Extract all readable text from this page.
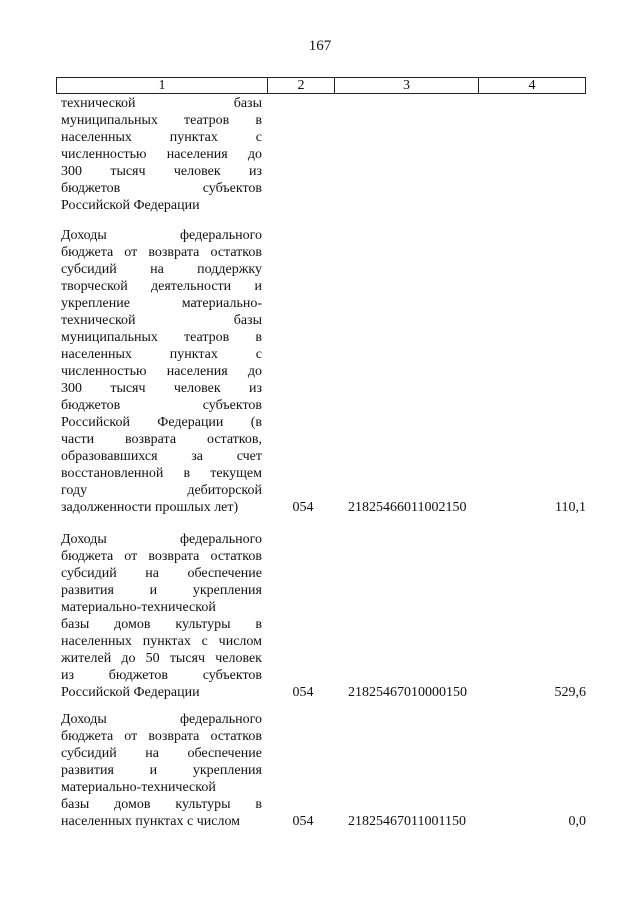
167
1	2	3	4
технической базы
муниципальных театров в
населенных пунктах с
численностью населения до
300 тысяч человек из
бюджетов субъектов
Российской Федерации
Доходы федерального
бюджета от возврата остатков
субсидий на поддержку
творческой деятельности и
укрепление материально-
технической базы
муниципальных театров в
населенных пунктах с
численностью населения до
300 тысяч человек из
бюджетов субъектов
Российской Федерации (в
части возврата остатков,
образовавшихся за счет
восстановленной в текущем
году дебиторской
задолженности прошлых лет)	054	21825466011002150	110,1
Доходы федерального
бюджета от возврата остатков
субсидий на обеспечение
развития и укрепления
материально-технической
базы домов культуры в
населенных пунктах с числом
жителей до 50 тысяч человек
из бюджетов субъектов
Российской Федерации	054	21825467010000150	529,6
Доходы федерального
бюджета от возврата остатков
субсидий на обеспечение
развития и укрепления
материально-технической
базы домов культуры в
населенных пунктах с числом	054	21825467011001150	0,0
